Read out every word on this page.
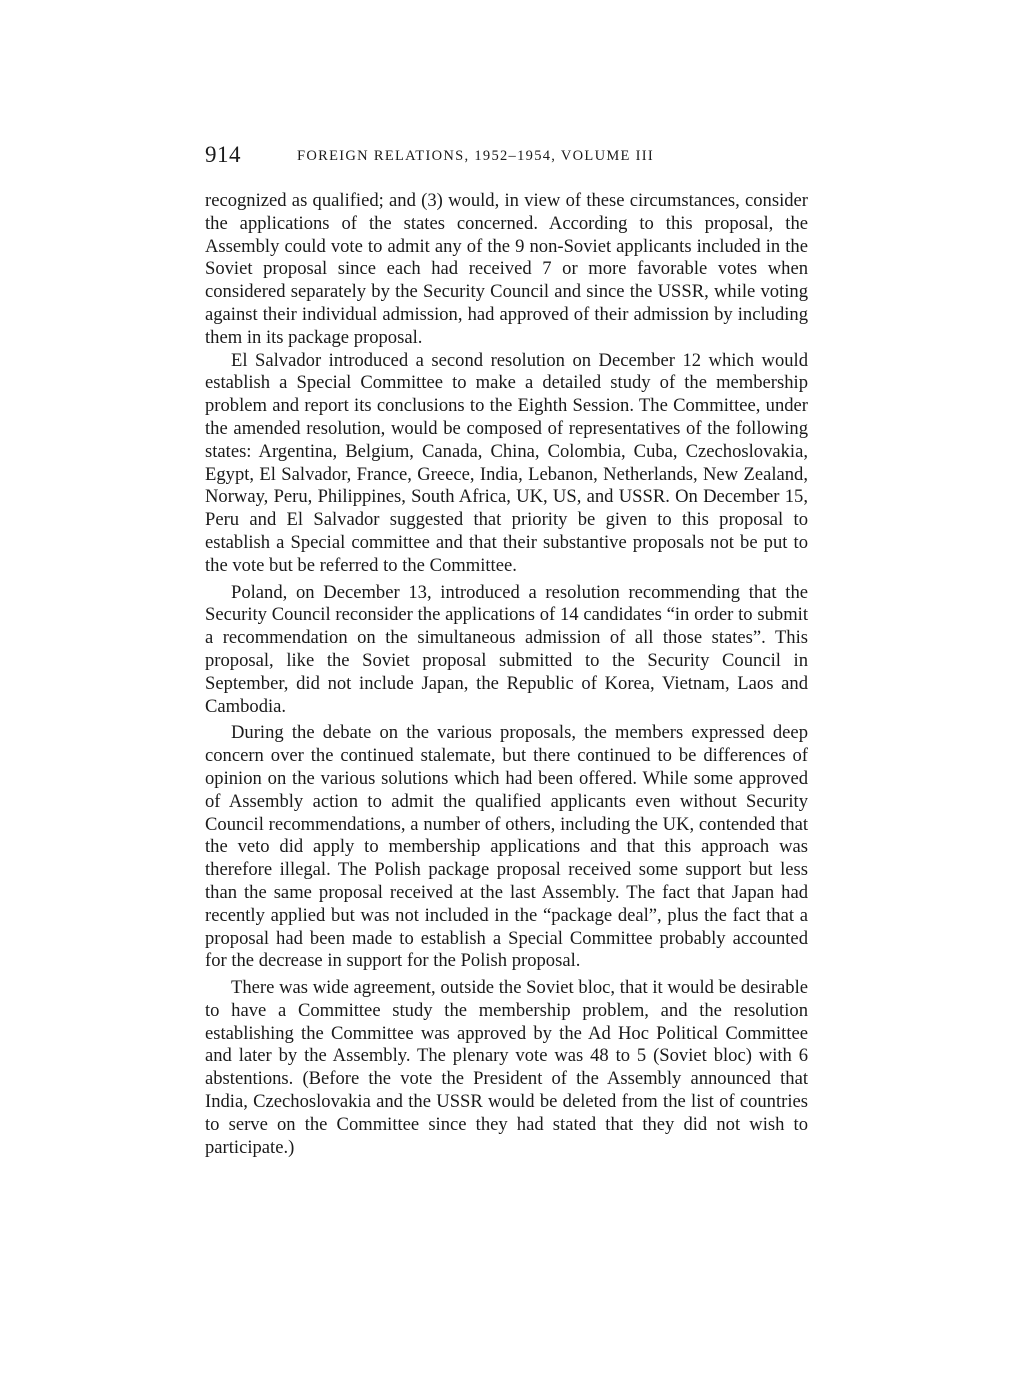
914	FOREIGN RELATIONS, 1952–1954, VOLUME III

recognized as qualified; and (3) would, in view of these circumstances, consider the applications of the states concerned. According to this proposal, the Assembly could vote to admit any of the 9 non-Soviet applicants included in the Soviet proposal since each had received 7 or more favorable votes when considered separately by the Security Council and since the USSR, while voting against their individual admission, had approved of their admission by including them in its package proposal.

El Salvador introduced a second resolution on December 12 which would establish a Special Committee to make a detailed study of the membership problem and report its conclusions to the Eighth Session. The Committee, under the amended resolution, would be composed of representatives of the following states: Argentina, Belgium, Canada, China, Colombia, Cuba, Czechoslovakia, Egypt, El Salvador, France, Greece, India, Lebanon, Netherlands, New Zealand, Norway, Peru, Philippines, South Africa, UK, US, and USSR. On December 15, Peru and El Salvador suggested that priority be given to this proposal to establish a Special committee and that their substantive proposals not be put to the vote but be referred to the Committee.

Poland, on December 13, introduced a resolution recommending that the Security Council reconsider the applications of 14 candidates “in order to submit a recommendation on the simultaneous admission of all those states”. This proposal, like the Soviet proposal submitted to the Security Council in September, did not include Japan, the Republic of Korea, Vietnam, Laos and Cambodia.

During the debate on the various proposals, the members expressed deep concern over the continued stalemate, but there continued to be differences of opinion on the various solutions which had been offered. While some approved of Assembly action to admit the qualified applicants even without Security Council recommendations, a number of others, including the UK, contended that the veto did apply to membership applications and that this approach was therefore illegal. The Polish package proposal received some support but less than the same proposal received at the last Assembly. The fact that Japan had recently applied but was not included in the “package deal”, plus the fact that a proposal had been made to establish a Special Committee probably accounted for the decrease in support for the Polish proposal.

There was wide agreement, outside the Soviet bloc, that it would be desirable to have a Committee study the membership problem, and the resolution establishing the Committee was approved by the Ad Hoc Political Committee and later by the Assembly. The plenary vote was 48 to 5 (Soviet bloc) with 6 abstentions. (Before the vote the President of the Assembly announced that India, Czechoslovakia and the USSR would be deleted from the list of countries to serve on the Committee since they had stated that they did not wish to participate.)
